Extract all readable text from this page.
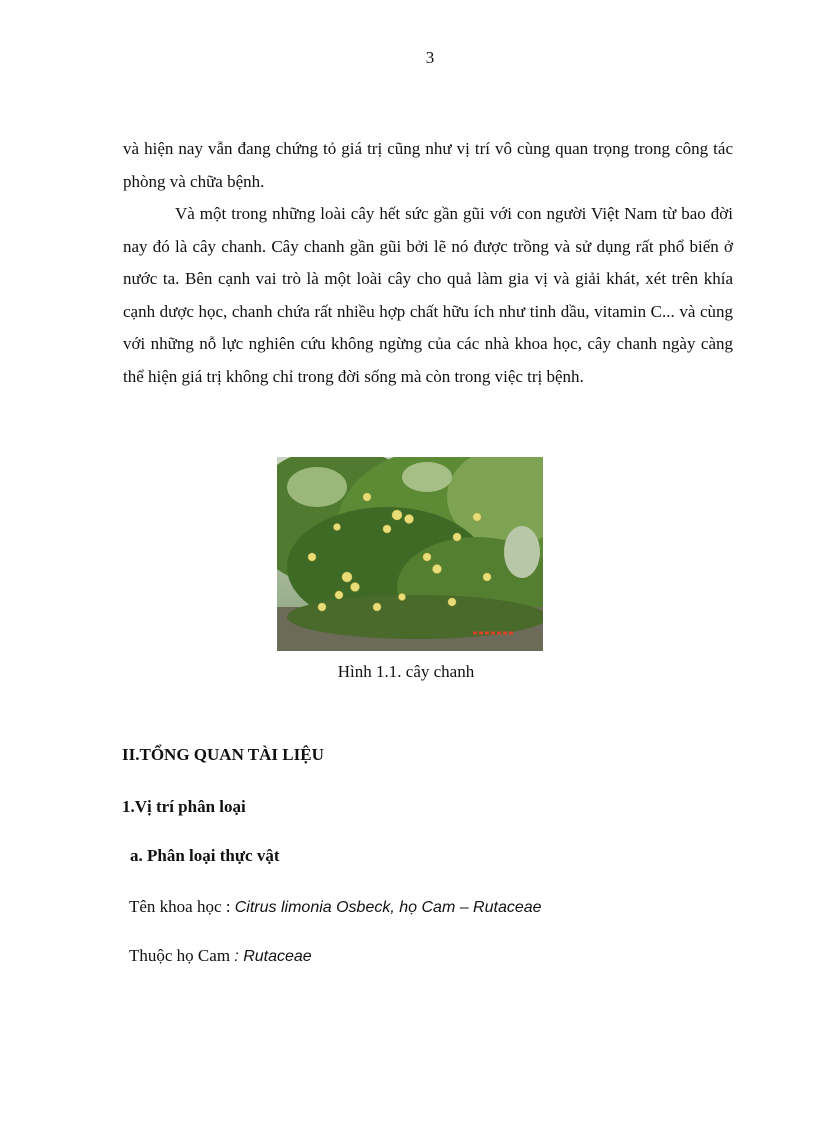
3

và hiện nay vẫn đang chứng tỏ giá trị cũng như vị trí vô cùng quan trọng trong công tác phòng và chữa bệnh.

Và một trong những loài cây hết sức gần gũi với con người Việt Nam từ bao đời nay đó là cây chanh. Cây chanh gần gũi bởi lẽ nó được trồng và sử dụng rất phổ biến ở nước ta. Bên cạnh vai trò là một loài cây cho quả làm gia vị và giải khát, xét trên khía cạnh dược học, chanh chứa rất nhiều hợp chất hữu ích như tinh dầu, vitamin C... và cùng với những nỗ lực nghiên cứu không ngừng của các nhà khoa học, cây chanh ngày càng thể hiện giá trị không chỉ trong đời sống mà còn trong việc trị bệnh.

Hình 1.1. cây chanh
II.TỔNG QUAN TÀI LIỆU
1.Vị trí phân loại
a. Phân loại thực vật
Tên khoa học : Citrus limonia Osbeck, họ Cam – Rutaceae
Thuộc họ Cam : Rutaceae
